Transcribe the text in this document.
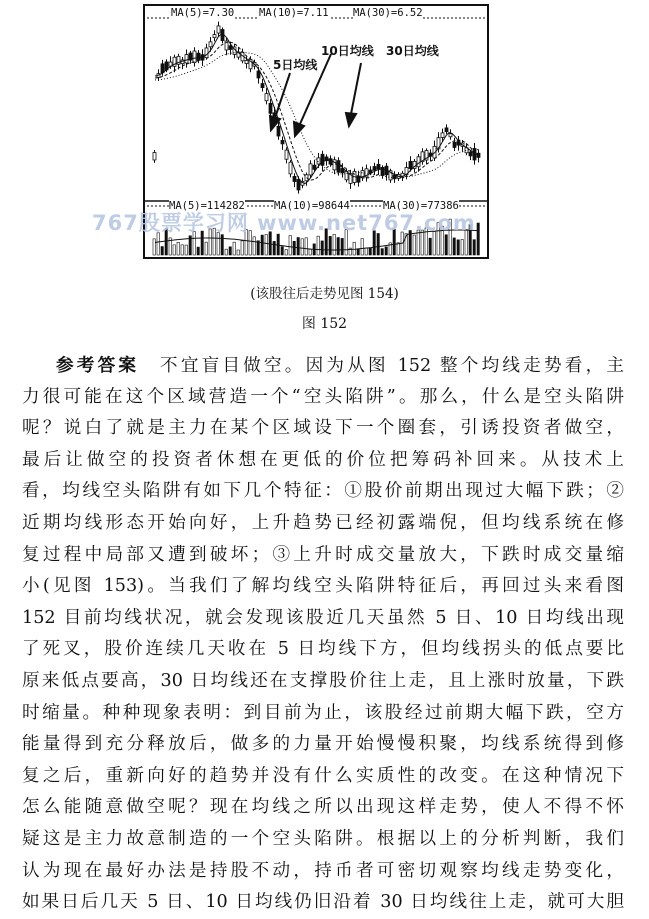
MA(5)=7.30 MA(10)=7.11 MA(30)=6.52
5日均线
10日均线 30日均线
MA(5)=114282	MA(10)=98644	MA(30)=77386
767股票学习网 www.net767.com
(该股往后走势见图 154)
图 152
参考答案　 不宜盲目做空。因为从图 152 整个均线走势看，主
力很可能在这个区域营造一个“空头陷阱”。那么，什么是空头陷阱
呢？说白了就是主力在某个区域设下一个圈套，引诱投资者做空，
最后让做空的投资者休想在更低的价位把筹码补回来。从技术上
看，均线空头陷阱有如下几个特征：①股价前期出现过大幅下跌；②
近期均线形态开始向好，上升趋势已经初露端倪，但均线系统在修
复过程中局部又遭到破坏；③上升时成交量放大，下跌时成交量缩
小(见图 153)。当我们了解均线空头陷阱特征后，再回过头来看图
152 目前均线状况，就会发现该股近几天虽然 5 日、10 日均线出现
了死叉，股价连续几天收在 5 日均线下方，但均线拐头的低点要比
原来低点要高，30 日均线还在支撑股价往上走，且上涨时放量，下跌
时缩量。种种现象表明：到目前为止，该股经过前期大幅下跌，空方
能量得到充分释放后，做多的力量开始慢慢积聚，均线系统得到修
复之后，重新向好的趋势并没有什么实质性的改变。在这种情况下
怎么能随意做空呢？现在均线之所以出现这样走势，使人不得不怀
疑这是主力故意制造的一个空头陷阱。根据以上的分析判断，我们
认为现在最好办法是持股不动，持币者可密切观察均线走势变化，
如果日后几天 5 日、10 日均线仍旧沿着 30 日均线往上走，就可大胆
